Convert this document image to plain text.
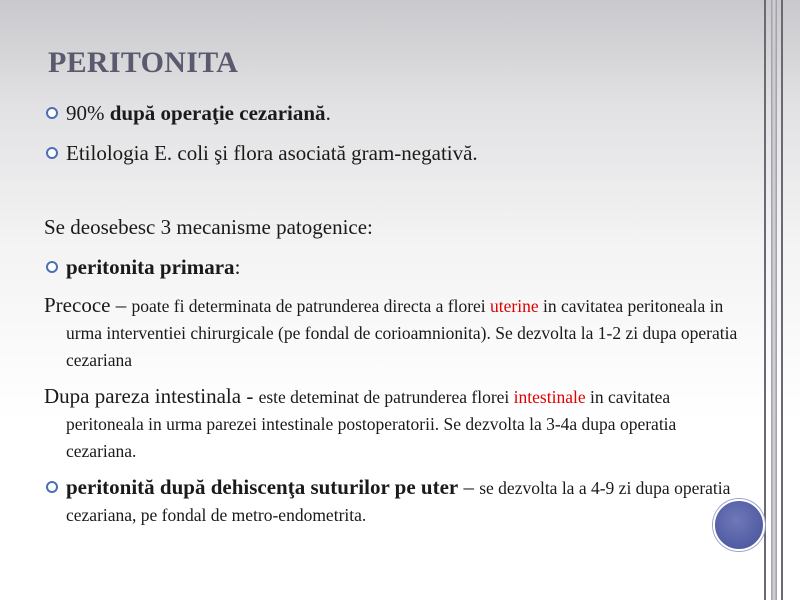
PERITONITA
90% după operaţie cezariană.
Etilologia E. coli şi flora asociată gram-negativă.
Se deosebesc 3 mecanisme patogenice:
peritonita primara:
Precoce – poate fi determinata de patrunderea directa a florei uterine in cavitatea peritoneala in urma interventiei chirurgicale (pe fondal de corioamnionita). Se dezvolta la 1-2 zi dupa operatia cezariana
Dupa pareza intestinala - este deteminat de patrunderea florei intestinale in cavitatea peritoneala in urma parezei intestinale postoperatorii. Se dezvolta la 3-4a dupa operatia cezariana.
peritonită după dehiscenţa suturilor pe uter – se dezvolta la a 4-9 zi dupa operatia cezariana, pe fondal de metro-endometrita.
